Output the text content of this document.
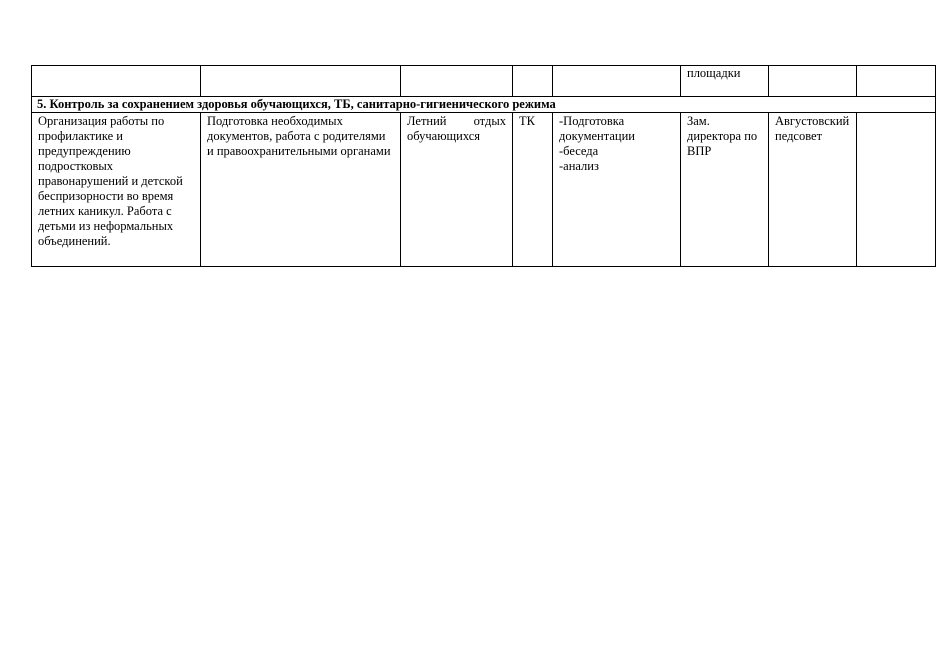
					площадки		
5. Контроль за сохранением здоровья обучающихся, ТБ, санитарно-гигиенического режима							
Организация работы по профилактике и предупреждению подростковых правонарушений и детской беспризорности во время летних каникул. Работа с детьми из неформальных объединений.	Подготовка необходимых документов, работа с родителями и правоохранительными органами	Летний отдых
обучающихся	ТК	-Подготовка документации
-беседа
-анализ	Зам. директора по ВПР	Августовский педсовет	
